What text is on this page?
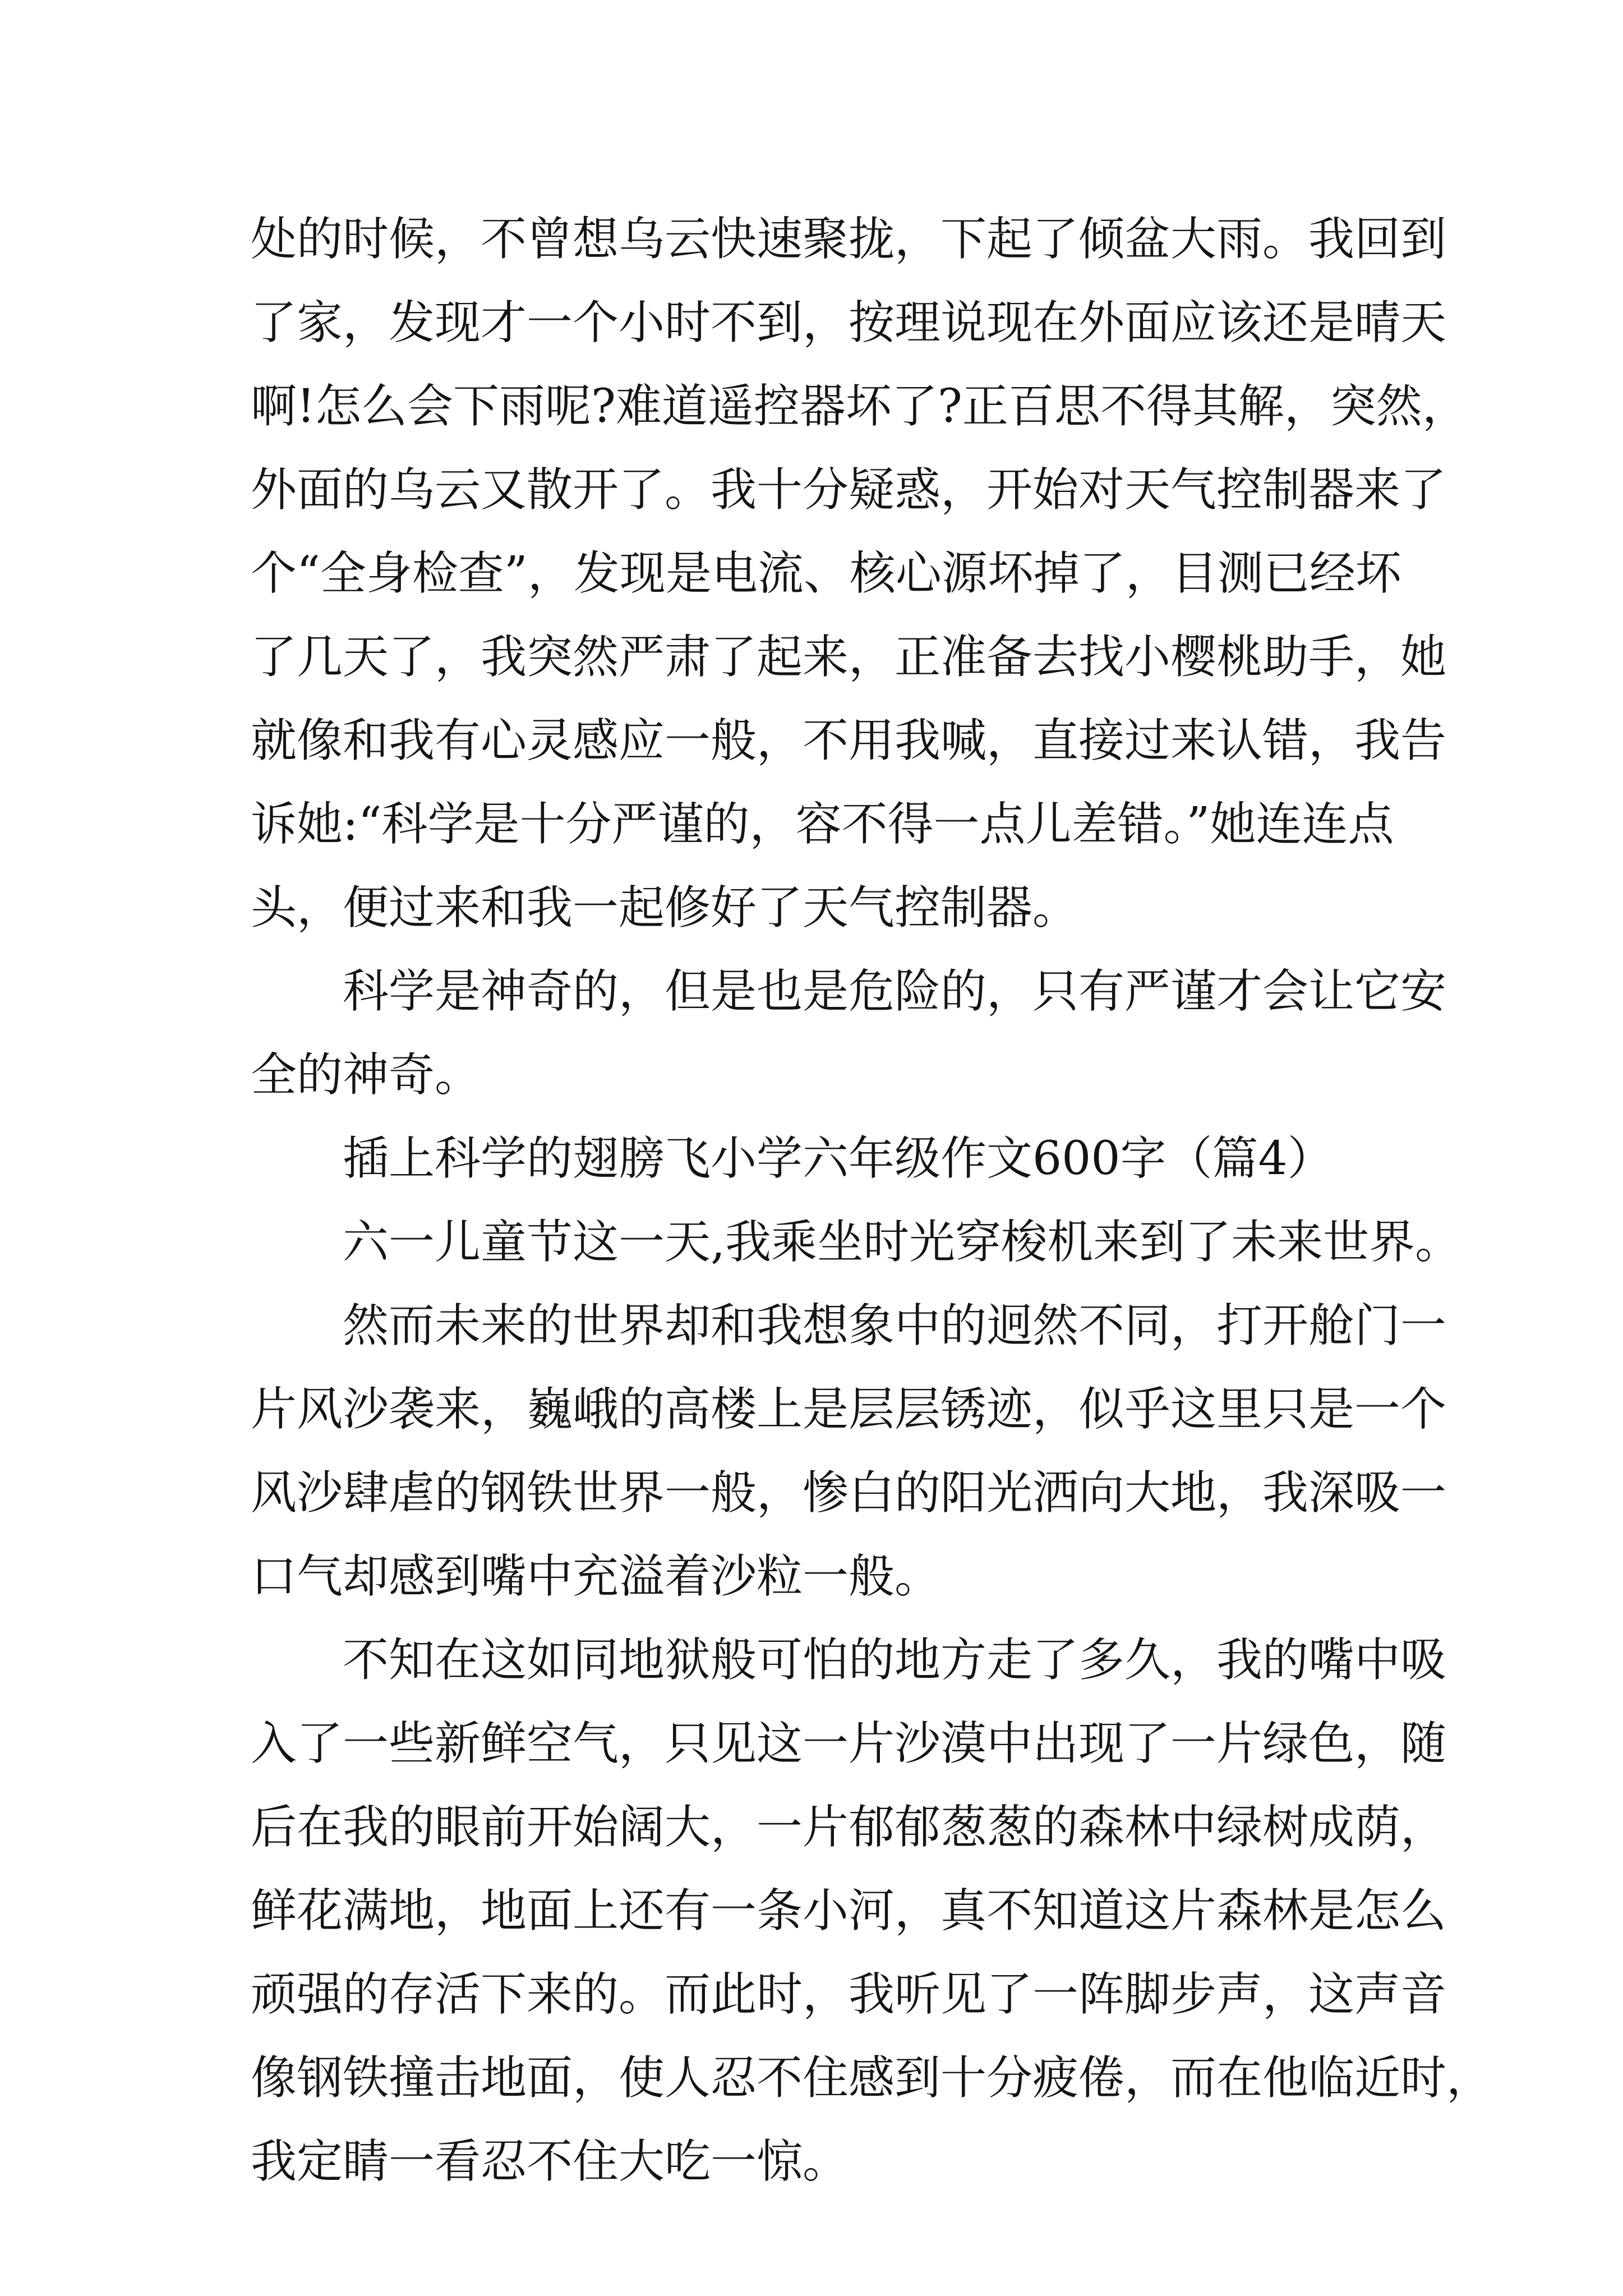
处的时候，不曾想乌云快速聚拢，下起了倾盆大雨。我回到
了家，发现才一个小时不到，按理说现在外面应该还是晴天
啊!怎么会下雨呢?难道遥控器坏了?正百思不得其解，突然，
外面的乌云又散开了。我十分疑惑，开始对天气控制器来了
个“全身检查”，发现是电流、核心源坏掉了，目测已经坏
了几天了，我突然严肃了起来，正准备去找小樱桃助手，她
就像和我有心灵感应一般，不用我喊，直接过来认错，我告
诉她:“科学是十分严谨的，容不得一点儿差错。”她连连点
头，便过来和我一起修好了天气控制器。
科学是神奇的，但是也是危险的，只有严谨才会让它安
全的神奇。
插上科学的翅膀飞小学六年级作文600字（篇4）
六一儿童节这一天,我乘坐时光穿梭机来到了未来世界。
然而未来的世界却和我想象中的迥然不同，打开舱门一
片风沙袭来，巍峨的高楼上是层层锈迹，似乎这里只是一个
风沙肆虐的钢铁世界一般，惨白的阳光洒向大地，我深吸一
口气却感到嘴中充溢着沙粒一般。
不知在这如同地狱般可怕的地方走了多久，我的嘴中吸
入了一些新鲜空气，只见这一片沙漠中出现了一片绿色，随
后在我的眼前开始阔大，一片郁郁葱葱的森林中绿树成荫，
鲜花满地，地面上还有一条小河，真不知道这片森林是怎么
顽强的存活下来的。而此时，我听见了一阵脚步声，这声音
像钢铁撞击地面，使人忍不住感到十分疲倦，而在他临近时，
我定睛一看忍不住大吃一惊。
